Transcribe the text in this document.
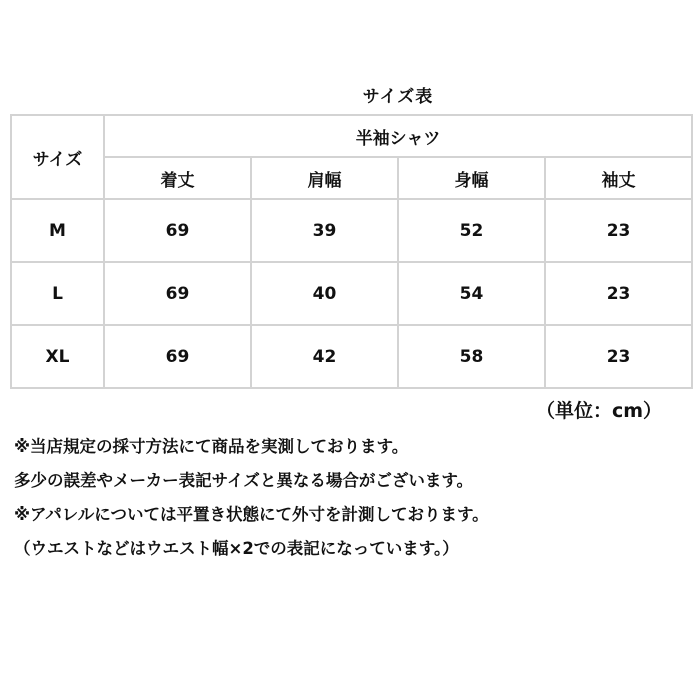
サイズ表
サイズ	半袖シャツ			
	着丈	肩幅	身幅	袖丈
M	69	39	52	23
L	69	40	54	23
XL	69	42	58	23
（単位：cm）
※当店規定の採寸方法にて商品を実測しております。
多少の誤差やメーカー表記サイズと異なる場合がございます。
※アパレルについては平置き状態にて外寸を計測しております。
（ウエストなどはウエスト幅×2での表記になっています。）
